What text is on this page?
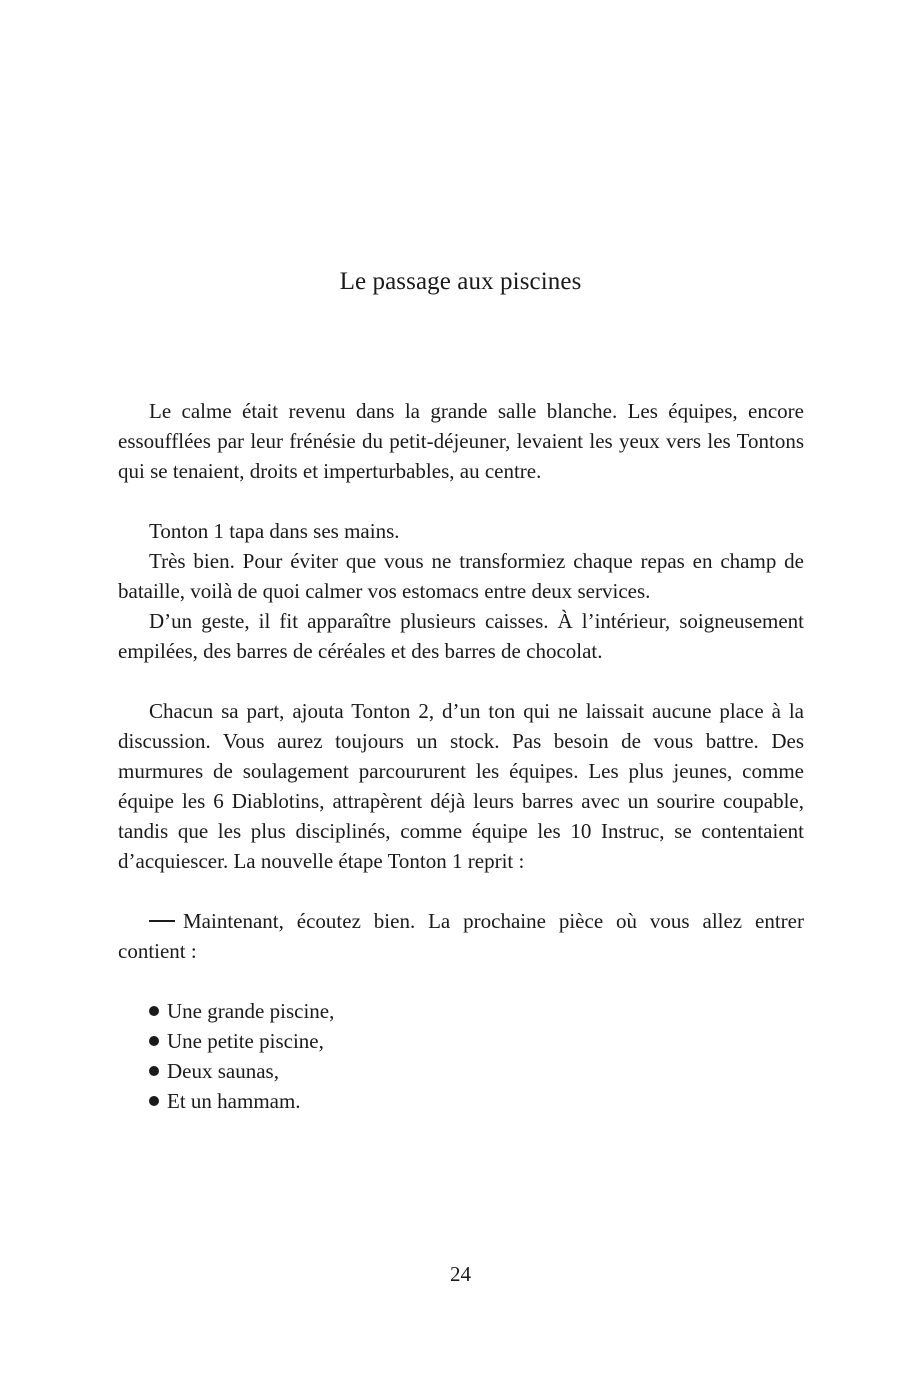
Le passage aux piscines

Le calme était revenu dans la grande salle blanche. Les équipes, encore essoufflées par leur frénésie du petit-déjeuner, levaient les yeux vers les Tontons qui se tenaient, droits et imperturbables, au centre.

Tonton 1 tapa dans ses mains.

Très bien. Pour éviter que vous ne transformiez chaque repas en champ de bataille, voilà de quoi calmer vos estomacs entre deux services.

D’un geste, il fit apparaître plusieurs caisses. À l’intérieur, soigneusement empilées, des barres de céréales et des barres de chocolat.

Chacun sa part, ajouta Tonton 2, d’un ton qui ne laissait aucune place à la discussion. Vous aurez toujours un stock. Pas besoin de vous battre. Des murmures de soulagement parcoururent les équipes. Les plus jeunes, comme équipe les 6 Diablotins, attrapèrent déjà leurs barres avec un sourire coupable, tandis que les plus disciplinés, comme équipe les 10 Instruc, se contentaient d’acquiescer. La nouvelle étape Tonton 1 reprit :

Maintenant, écoutez bien. La prochaine pièce où vous allez entrer contient :

Une grande piscine,
Une petite piscine,
Deux saunas,
Et un hammam.

24
